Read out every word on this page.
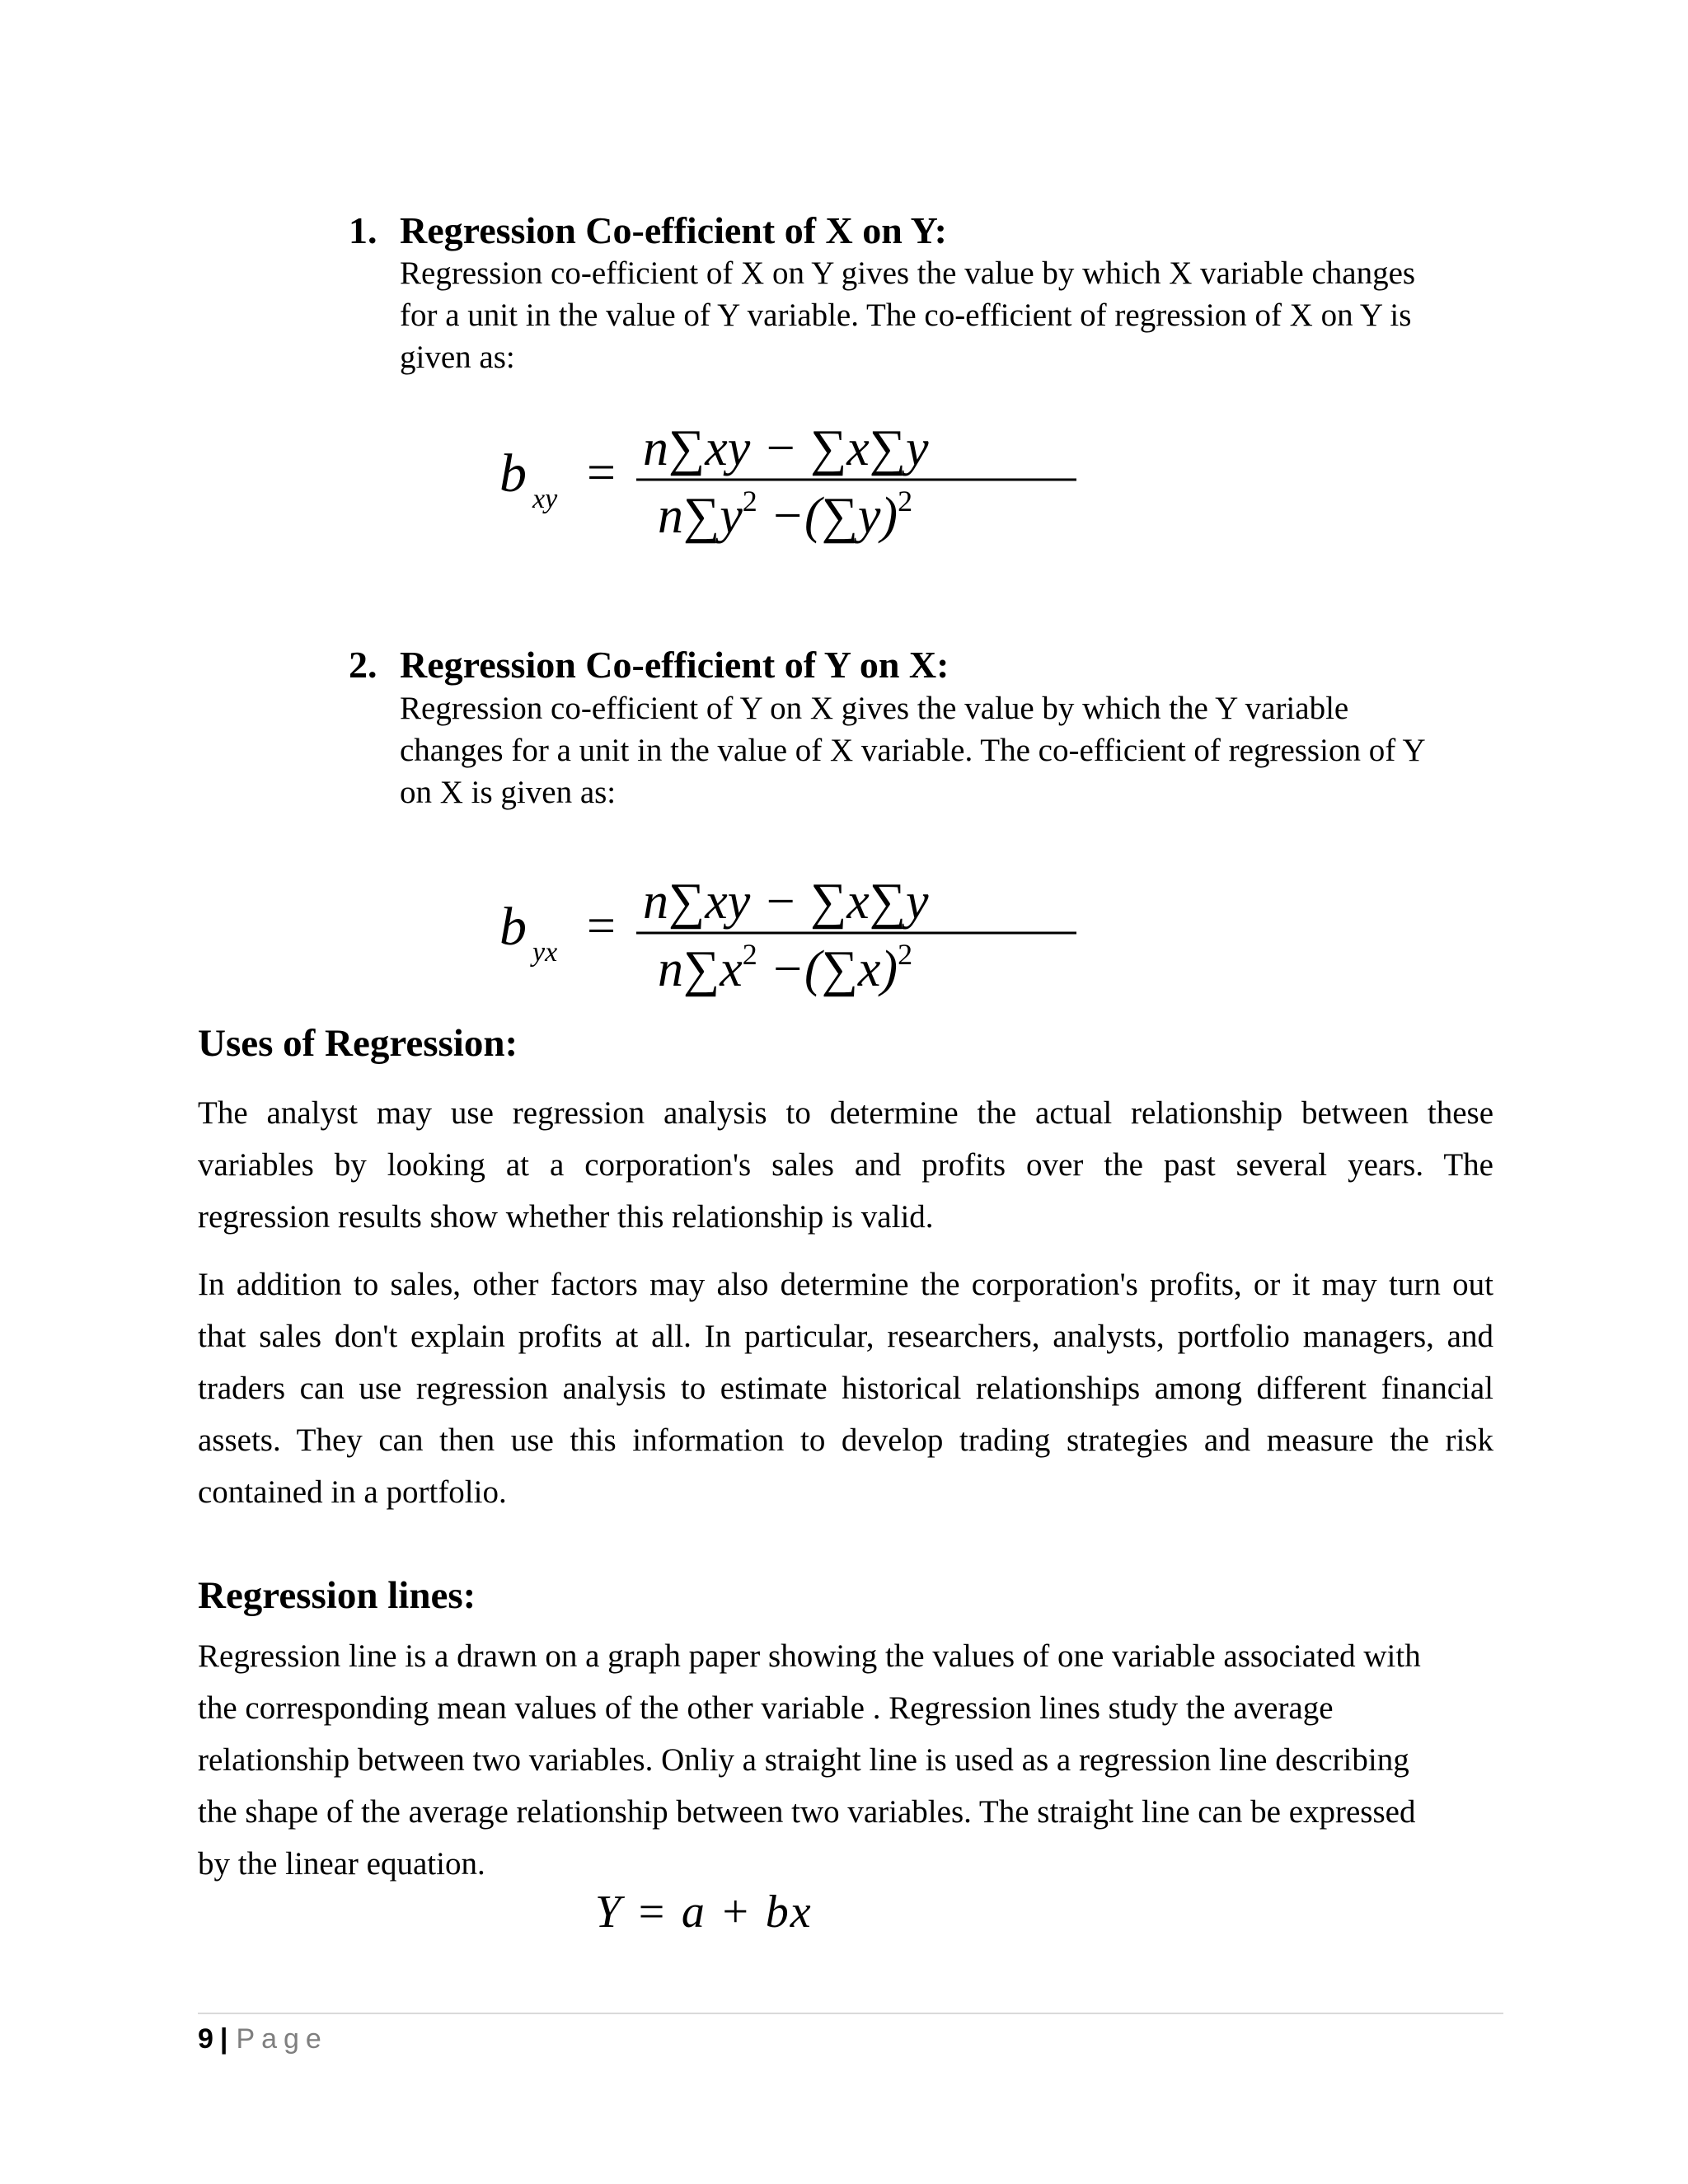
1. Regression Co-efficient of X on Y:
Regression co-efficient of X on Y gives the value by which X variable changes
for a unit in the value of Y variable. The co-efficient of regression of X on Y is
given as:
b xy = n∑xy − ∑x∑y
$n\sum y^2 -(\sum y)^2$
2. Regression Co-efficient of Y on X:
Regression co-efficient of Y on X gives the value by which the Y variable
changes for a unit in the value of X variable. The co-efficient of regression of Y
on X is given as:
b yx = n∑xy − ∑x∑y
$n\sum x^2 -(\sum x)^2$
Uses of Regression:
The analyst may use regression analysis to determine the actual relationship between these
variables by looking at a corporation's sales and profits over the past several years. The
regression results show whether this relationship is valid.
In addition to sales, other factors may also determine the corporation's profits, or it may turn out
that sales don't explain profits at all. In particular, researchers, analysts, portfolio managers, and
traders can use regression analysis to estimate historical relationships among different financial
assets. They can then use this information to develop trading strategies and measure the risk
contained in a portfolio.
Regression lines:
Regression line is a drawn on a graph paper showing the values of one variable associated with
the corresponding mean values of the other variable . Regression lines study the average
relationship between two variables. Onliy a straight line is used as a regression line describing
the shape of the average relationship between two variables. The straight line can be expressed
by the linear equation.
Y = a + bx
9 | Page
